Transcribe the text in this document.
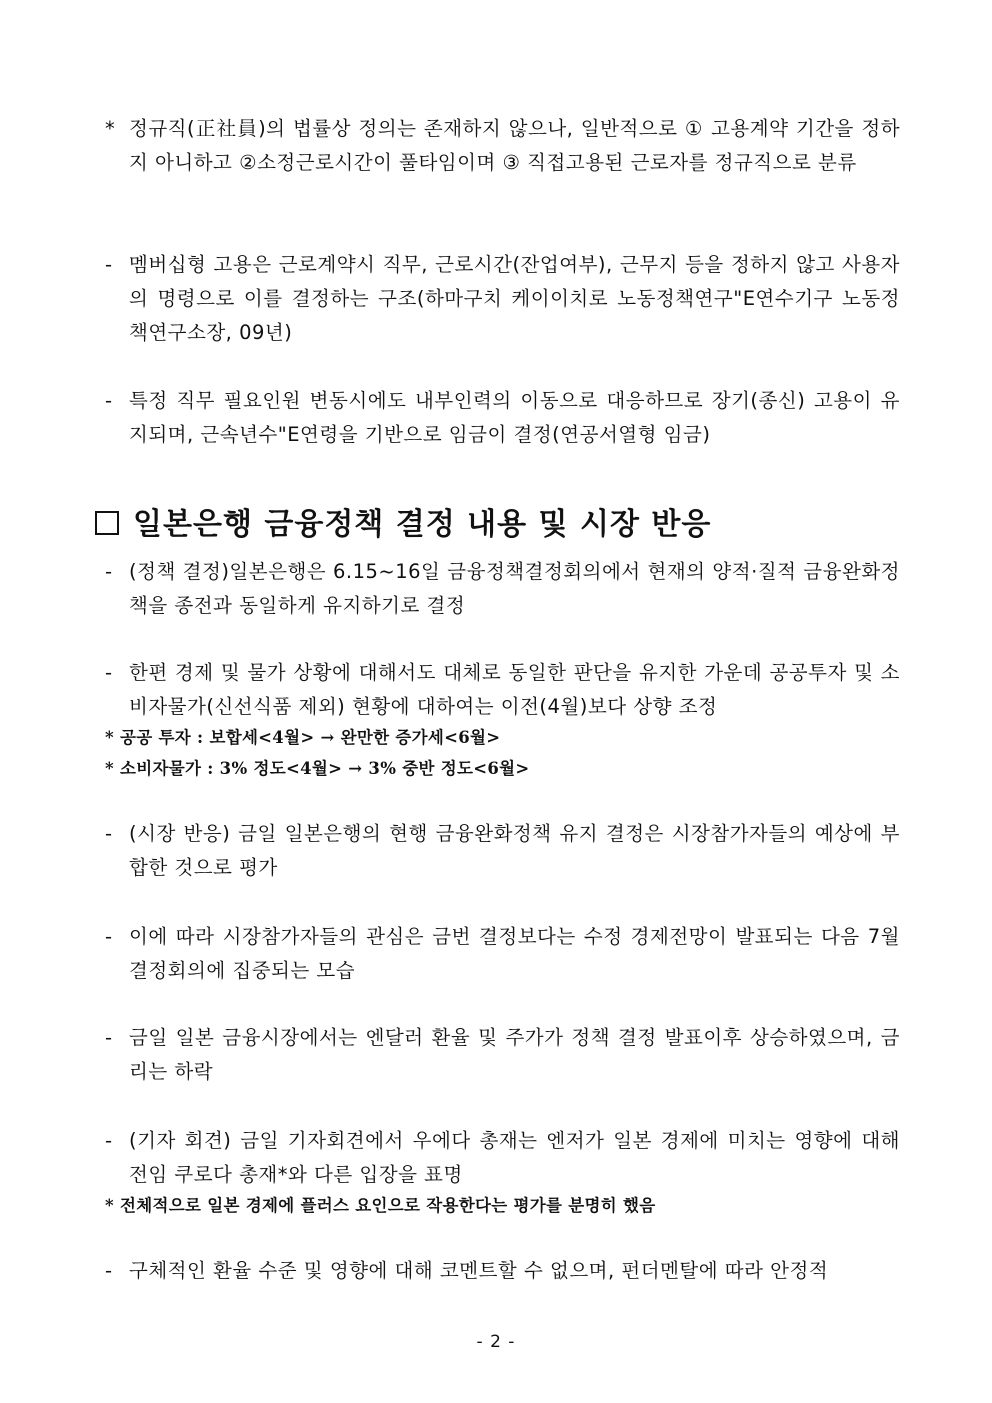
* 정규직(正社員)의 법률상 정의는 존재하지 않으나, 일반적으로 ① 고용계약 기간을 정하지 아니하고 ②소정근로시간이 풀타임이며 ③ 직접고용된 근로자를 정규직으로 분류
- 멤버십형 고용은 근로계약시 직무, 근로시간(잔업여부), 근무지 등을 정하지 않고 사용자의 명령으로 이를 결정하는 구조(하마구치 케이이치로 노동정책연구"E연수기구 노동정책연구소장, 09년)
- 특정 직무 필요인원 변동시에도 내부인력의 이동으로 대응하므로 장기(종신) 고용이 유지되며, 근속년수"E연령을 기반으로 임금이 결정(연공서열형 임금)
일본은행 금융정책 결정 내용 및 시장 반응
- (정책 결정)일본은행은 6.15~16일 금융정책결정회의에서 현재의 양적·질적 금융완화정책을 종전과 동일하게 유지하기로 결정
- 한편 경제 및 물가 상황에 대해서도 대체로 동일한 판단을 유지한 가운데 공공투자 및 소비자물가(신선식품 제외) 현황에 대하여는 이전(4월)보다 상향 조정
* 공공 투자 : 보합세<4월> → 완만한 증가세<6월>
* 소비자물가 : 3% 정도<4월> → 3% 중반 정도<6월>
- (시장 반응) 금일 일본은행의 현행 금융완화정책 유지 결정은 시장참가자들의 예상에 부합한 것으로 평가
- 이에 따라 시장참가자들의 관심은 금번 결정보다는 수정 경제전망이 발표되는 다음 7월 결정회의에 집중되는 모습
- 금일 일본 금융시장에서는 엔달러 환율 및 주가가 정책 결정 발표이후 상승하였으며, 금리는 하락
- (기자 회견) 금일 기자회견에서 우에다 총재는 엔저가 일본 경제에 미치는 영향에 대해 전임 쿠로다 총재*와 다른 입장을 표명
* 전체적으로 일본 경제에 플러스 요인으로 작용한다는 평가를 분명히 했음
- 구체적인 환율 수준 및 영향에 대해 코멘트할 수 없으며, 펀더멘탈에 따라 안정적
- 2 -
